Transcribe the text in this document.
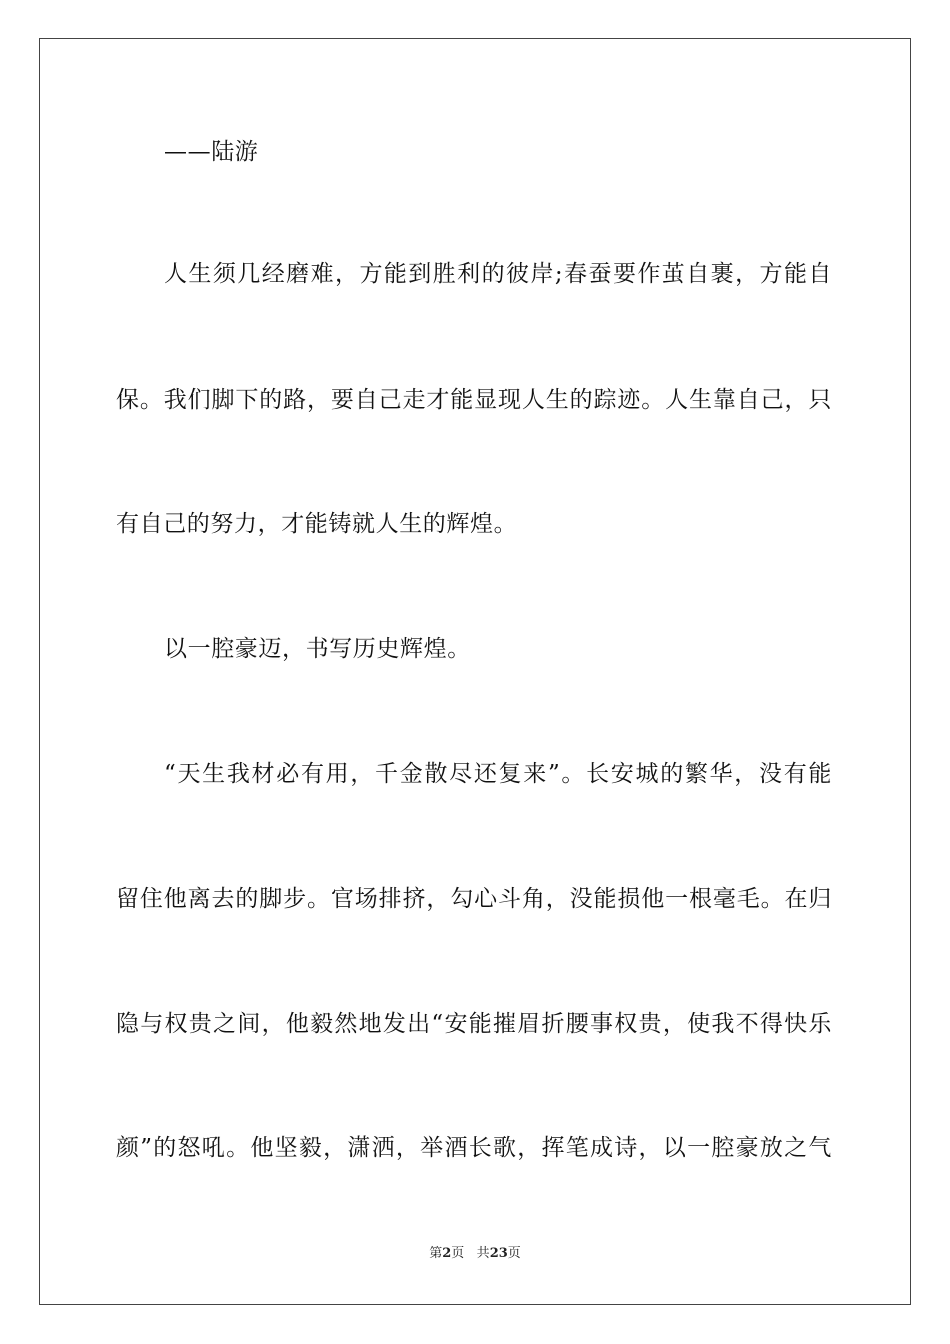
——陆游
人生须几经磨难，方能到胜利的彼岸;春蚕要作茧自裹，方能自
保。我们脚下的路，要自己走才能显现人生的踪迹。人生靠自己，只
有自己的努力，才能铸就人生的辉煌。
以一腔豪迈，书写历史辉煌。
“天生我材必有用，千金散尽还复来”。长安城的繁华，没有能
留住他离去的脚步。官场排挤，勾心斗角，没能损他一根毫毛。在归
隐与权贵之间，他毅然地发出“安能摧眉折腰事权贵，使我不得快乐
颜”的怒吼。他坚毅，潇洒，举酒长歌，挥笔成诗，以一腔豪放之气
第2页 共23页
